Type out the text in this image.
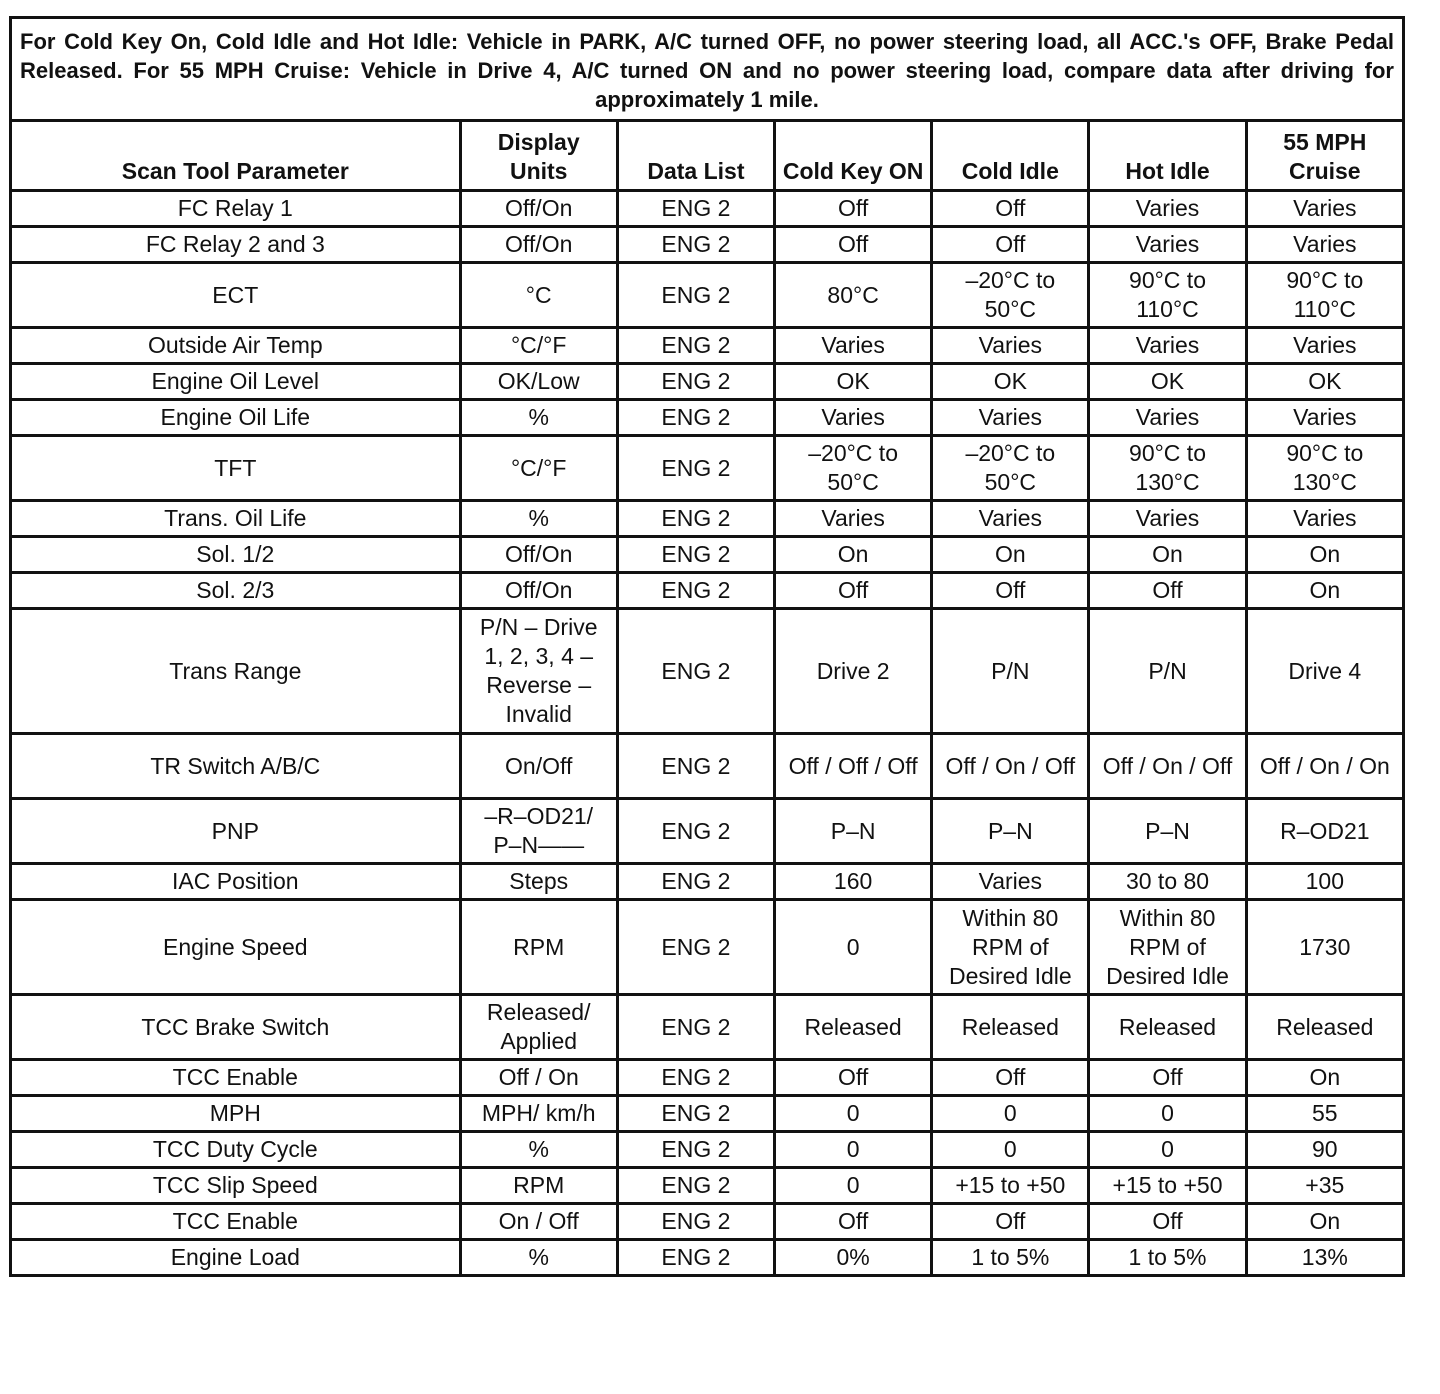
For Cold Key On, Cold Idle and Hot Idle: Vehicle in PARK, A/C turned OFF, no power steering load, all ACC.'s OFF, Brake Pedal Released. For 55 MPH Cruise: Vehicle in Drive 4, A/C turned ON and no power steering load, compare data after driving for approximately 1 mile.						
Scan Tool Parameter	Display Units	Data List	Cold Key ON	Cold Idle	Hot Idle	55 MPH Cruise
FC Relay 1	Off/On	ENG 2	Off	Off	Varies	Varies
FC Relay 2 and 3	Off/On	ENG 2	Off	Off	Varies	Varies
ECT	°C	ENG 2	80°C	–20°C to 50°C	90°C to 110°C	90°C to 110°C
Outside Air Temp	°C/°F	ENG 2	Varies	Varies	Varies	Varies
Engine Oil Level	OK/Low	ENG 2	OK	OK	OK	OK
Engine Oil Life	%	ENG 2	Varies	Varies	Varies	Varies
TFT	°C/°F	ENG 2	–20°C to 50°C	–20°C to 50°C	90°C to 130°C	90°C to 130°C
Trans. Oil Life	%	ENG 2	Varies	Varies	Varies	Varies
Sol. 1/2	Off/On	ENG 2	On	On	On	On
Sol. 2/3	Off/On	ENG 2	Off	Off	Off	On
Trans Range	P/N – Drive 1, 2, 3, 4 – Reverse – Invalid	ENG 2	Drive 2	P/N	P/N	Drive 4
TR Switch A/B/C	On/Off	ENG 2	Off / Off / Off	Off / On / Off	Off / On / Off	Off / On / On
PNP	–R–OD21/ P–N——	ENG 2	P–N	P–N	P–N	R–OD21
IAC Position	Steps	ENG 2	160	Varies	30 to 80	100
Engine Speed	RPM	ENG 2	0	Within 80 RPM of Desired Idle	Within 80 RPM of Desired Idle	1730
TCC Brake Switch	Released/ Applied	ENG 2	Released	Released	Released	Released
TCC Enable	Off / On	ENG 2	Off	Off	Off	On
MPH	MPH/ km/h	ENG 2	0	0	0	55
TCC Duty Cycle	%	ENG 2	0	0	0	90
TCC Slip Speed	RPM	ENG 2	0	+15 to +50	+15 to +50	+35
TCC Enable	On / Off	ENG 2	Off	Off	Off	On
Engine Load	%	ENG 2	0%	1 to 5%	1 to 5%	13%
